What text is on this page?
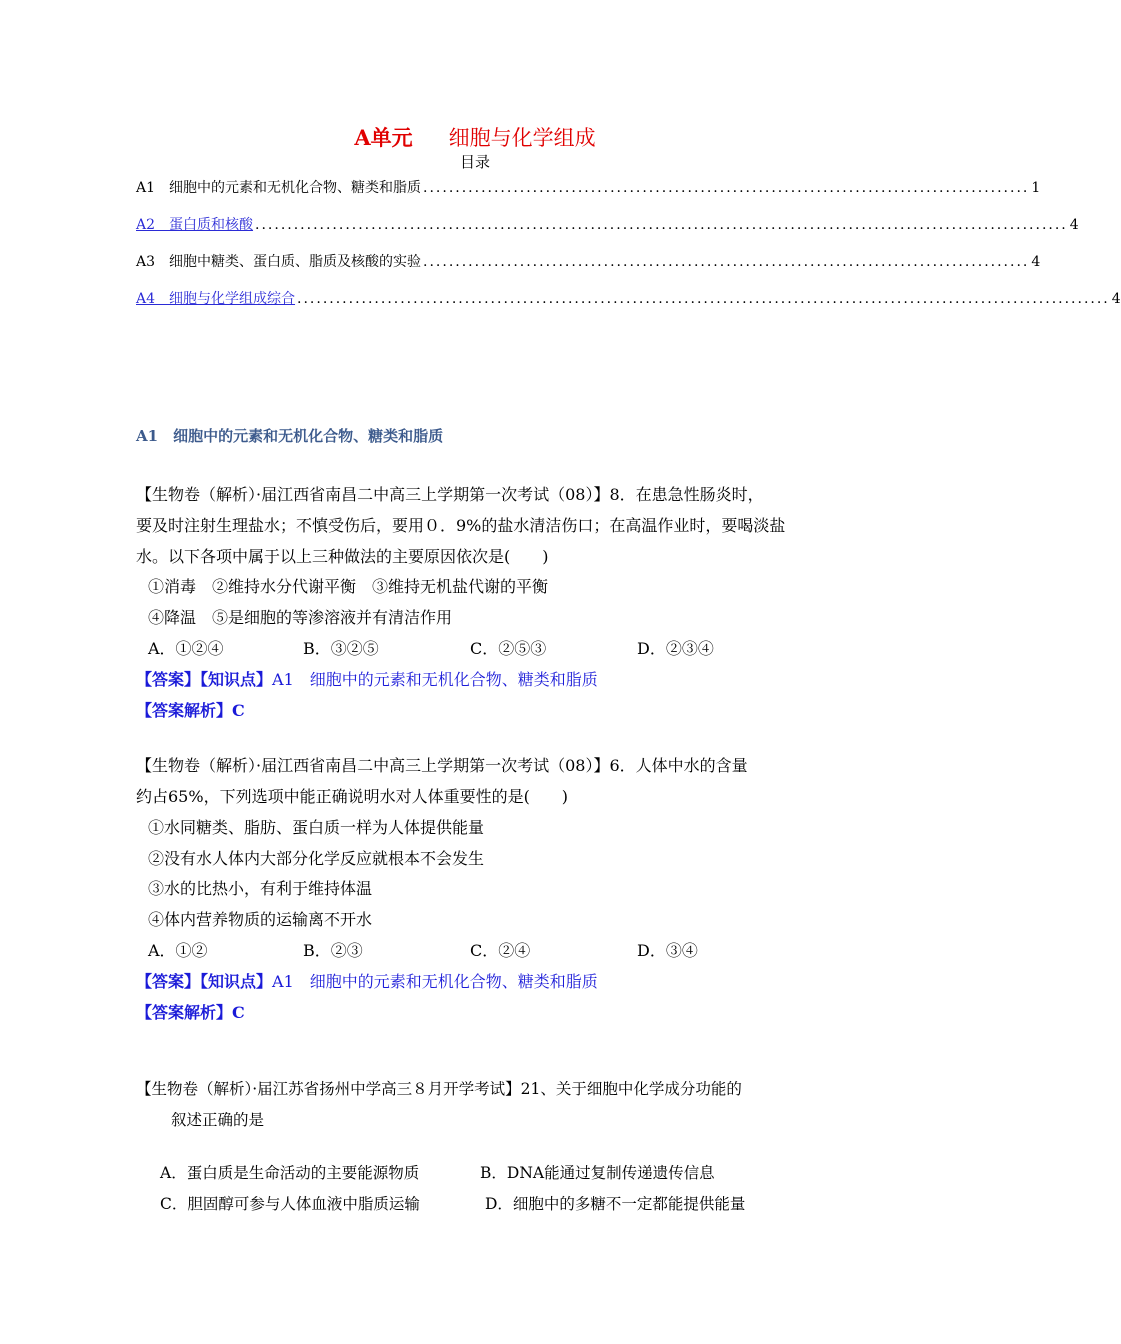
A单元 细胞与化学组成
目录
A1　细胞中的元素和无机化合物、糖类和脂质 .............................................................................................. 1
A2　蛋白质和核酸 .............................................................................................................................. 4
A3　细胞中糖类、蛋白质、脂质及核酸的实验 .............................................................................................. 4
A4　细胞与化学组成综合 .............................................................................................................................. 4
A1　细胞中的元素和无机化合物、糖类和脂质
【生物卷（解析）·届江西省南昌二中高三上学期第一次考试（08）】8．在患急性肠炎时，
要及时注射生理盐水；不慎受伤后，要用０．9%的盐水清洁伤口；在高温作业时，要喝淡盐
水。以下各项中属于以上三种做法的主要原因依次是(　　)
①消毒　②维持水分代谢平衡　③维持无机盐代谢的平衡
④降温　⑤是细胞的等渗溶液并有清洁作用
A．①②④	B．③②⑤	C．②⑤③	D．②③④
【答案】【知识点】A1　细胞中的元素和无机化合物、糖类和脂质
【答案解析】C
【生物卷（解析）·届江西省南昌二中高三上学期第一次考试（08）】6．人体中水的含量
约占65%，下列选项中能正确说明水对人体重要性的是(　　)
①水同糖类、脂肪、蛋白质一样为人体提供能量
②没有水人体内大部分化学反应就根本不会发生
③水的比热小，有利于维持体温
④体内营养物质的运输离不开水
A．①②	B．②③	C．②④	D．③④
【答案】【知识点】A1　细胞中的元素和无机化合物、糖类和脂质
【答案解析】C
【生物卷（解析）·届江苏省扬州中学高三８月开学考试】21、关于细胞中化学成分功能的
叙述正确的是
A．蛋白质是生命活动的主要能源物质	B．DNA能通过复制传递遗传信息
C．胆固醇可参与人体血液中脂质运输	D．细胞中的多糖不一定都能提供能量
